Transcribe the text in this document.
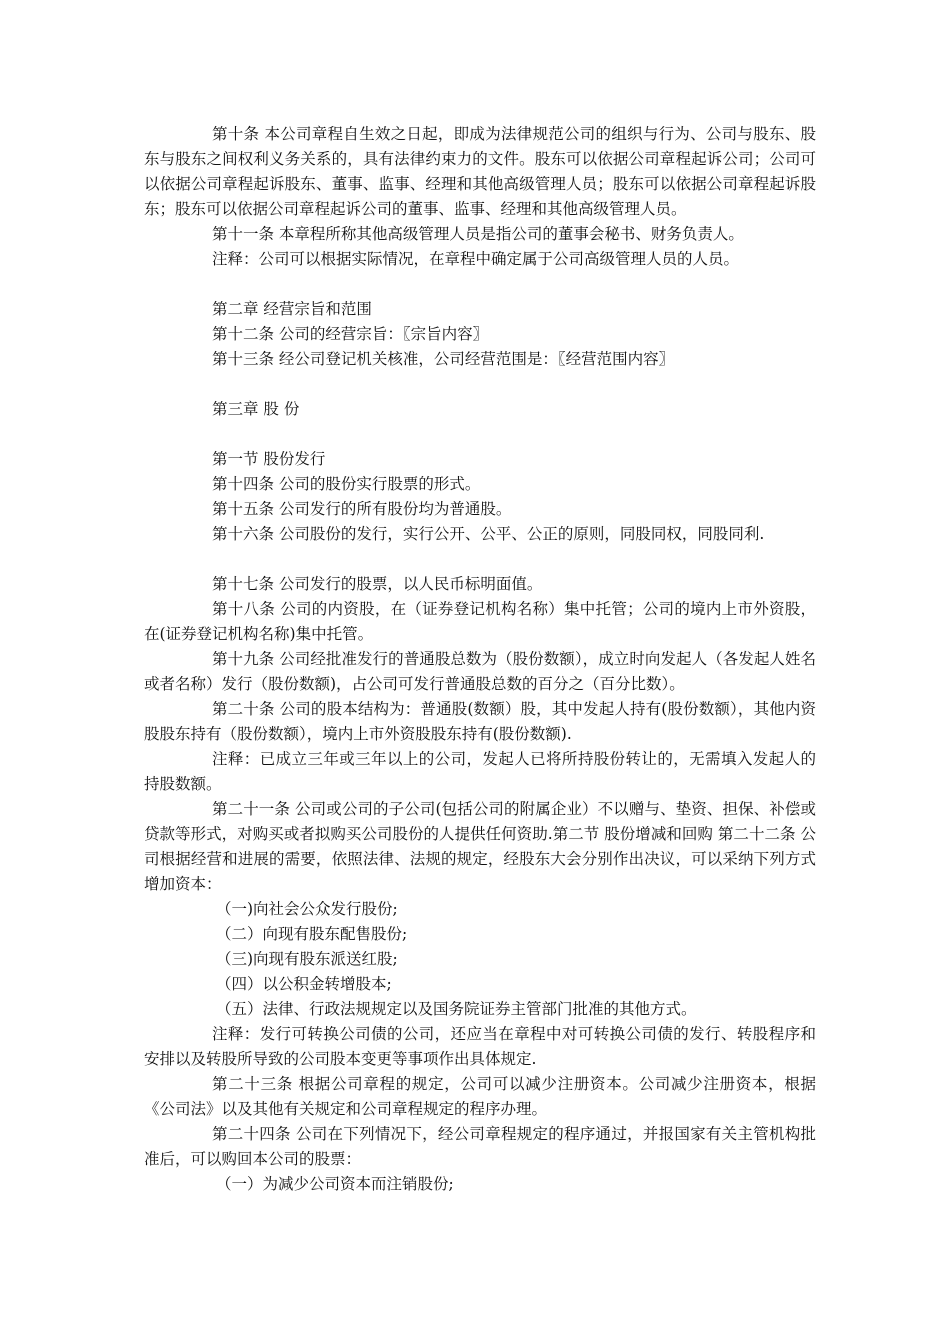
第十条 本公司章程自生效之日起，即成为法律规范公司的组织与行为、公司与股东、股东与股东之间权利义务关系的，具有法律约束力的文件。股东可以依据公司章程起诉公司；公司可以依据公司章程起诉股东、董事、监事、经理和其他高级管理人员；股东可以依据公司章程起诉股东；股东可以依据公司章程起诉公司的董事、监事、经理和其他高级管理人员。

第十一条 本章程所称其他高级管理人员是指公司的董事会秘书、财务负责人。

注释：公司可以根据实际情况，在章程中确定属于公司高级管理人员的人员。

第二章 经营宗旨和范围

第十二条 公司的经营宗旨：〖宗旨内容〗

第十三条 经公司登记机关核准，公司经营范围是：〖经营范围内容〗

第三章 股 份

第一节 股份发行

第十四条 公司的股份实行股票的形式。

第十五条 公司发行的所有股份均为普通股。

第十六条 公司股份的发行，实行公开、公平、公正的原则，同股同权，同股同利.

第十七条 公司发行的股票，以人民币标明面值。

第十八条 公司的内资股，在（证券登记机构名称）集中托管；公司的境内上市外资股，在(证券登记机构名称)集中托管。

第十九条 公司经批准发行的普通股总数为（股份数额），成立时向发起人（各发起人姓名或者名称）发行（股份数额)，占公司可发行普通股总数的百分之（百分比数）。

第二十条 公司的股本结构为：普通股(数额）股，其中发起人持有(股份数额），其他内资股股东持有（股份数额），境内上市外资股股东持有(股份数额).

注释：已成立三年或三年以上的公司，发起人已将所持股份转让的，无需填入发起人的持股数额。

第二十一条 公司或公司的子公司(包括公司的附属企业）不以赠与、垫资、担保、补偿或贷款等形式，对购买或者拟购买公司股份的人提供任何资助.第二节 股份增减和回购 第二十二条 公司根据经营和进展的需要，依照法律、法规的规定，经股东大会分别作出决议，可以采纳下列方式增加资本：

（一)向社会公众发行股份;

（二）向现有股东配售股份;

（三)向现有股东派送红股;

（四）以公积金转增股本;

（五）法律、行政法规规定以及国务院证券主管部门批准的其他方式。

注释：发行可转换公司债的公司，还应当在章程中对可转换公司债的发行、转股程序和安排以及转股所导致的公司股本变更等事项作出具体规定.

第二十三条 根据公司章程的规定，公司可以减少注册资本。公司减少注册资本，根据《公司法》以及其他有关规定和公司章程规定的程序办理。

第二十四条 公司在下列情况下，经公司章程规定的程序通过，并报国家有关主管机构批准后，可以购回本公司的股票：

（一）为减少公司资本而注销股份;
